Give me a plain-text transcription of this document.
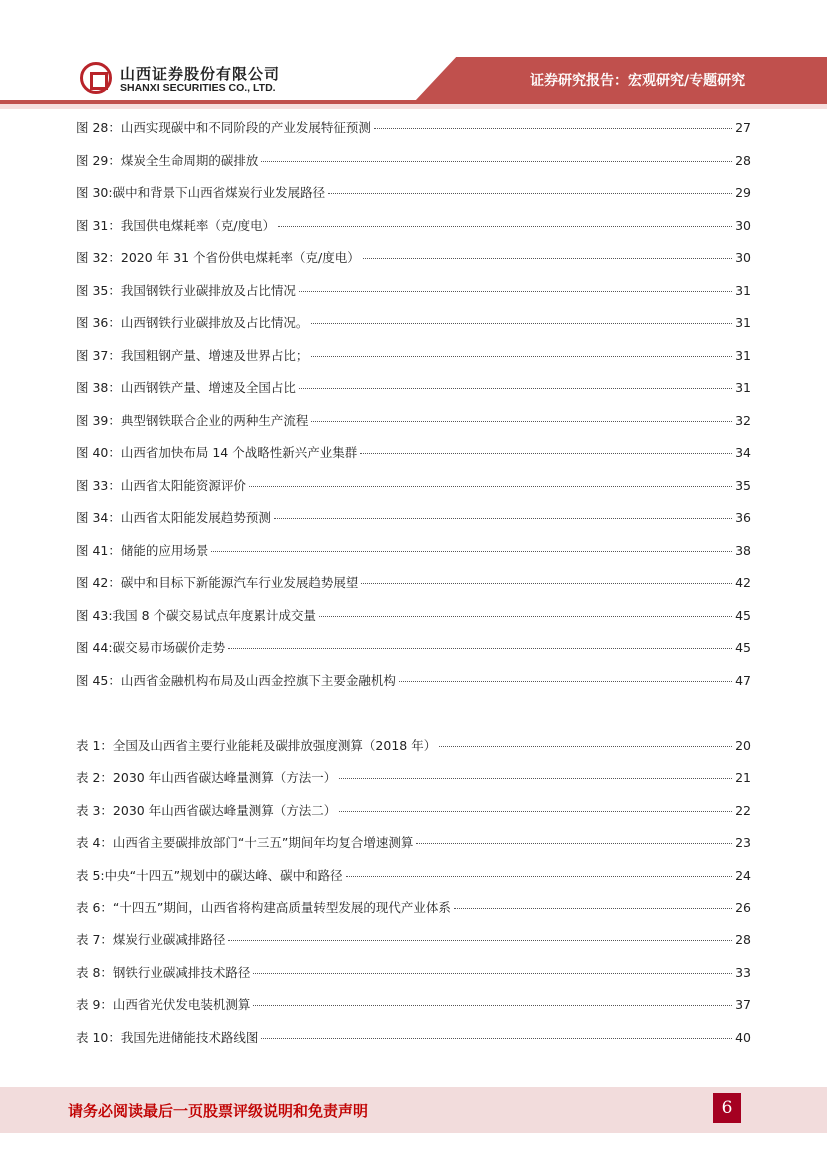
山西证券股份有限公司
SHANXI SECURITIES CO., LTD.	证券研究报告：宏观研究/专题研究
请务必阅读最后一页股票评级说明和免责声明	6
图 28：山西实现碳中和不同阶段的产业发展特征预测	27
图 29：煤炭全生命周期的碳排放	28
图 30:碳中和背景下山西省煤炭行业发展路径	29
图 31：我国供电煤耗率（克/度电）	30
图 32：2020 年 31 个省份供电煤耗率（克/度电）	30
图 35：我国钢铁行业碳排放及占比情况	31
图 36：山西钢铁行业碳排放及占比情况。	31
图 37：我国粗钢产量、增速及世界占比；	31
图 38：山西钢铁产量、增速及全国占比	31
图 39：典型钢铁联合企业的两种生产流程	32
图 40：山西省加快布局 14 个战略性新兴产业集群	34
图 33：山西省太阳能资源评价	35
图 34：山西省太阳能发展趋势预测	36
图 41：储能的应用场景	38
图 42：碳中和目标下新能源汽车行业发展趋势展望	42
图 43:我国 8 个碳交易试点年度累计成交量	45
图 44:碳交易市场碳价走势	45
图 45：山西省金融机构布局及山西金控旗下主要金融机构	47
表 1：全国及山西省主要行业能耗及碳排放强度测算（2018 年）	20
表 2：2030 年山西省碳达峰量测算（方法一）	21
表 3：2030 年山西省碳达峰量测算（方法二）	22
表 4：山西省主要碳排放部门“十三五”期间年均复合增速测算	23
表 5:中央“十四五”规划中的碳达峰、碳中和路径	24
表 6：“十四五”期间，山西省将构建高质量转型发展的现代产业体系	26
表 7：煤炭行业碳减排路径	28
表 8：钢铁行业碳减排技术路径	33
表 9：山西省光伏发电装机测算	37
表 10：我国先进储能技术路线图	40
